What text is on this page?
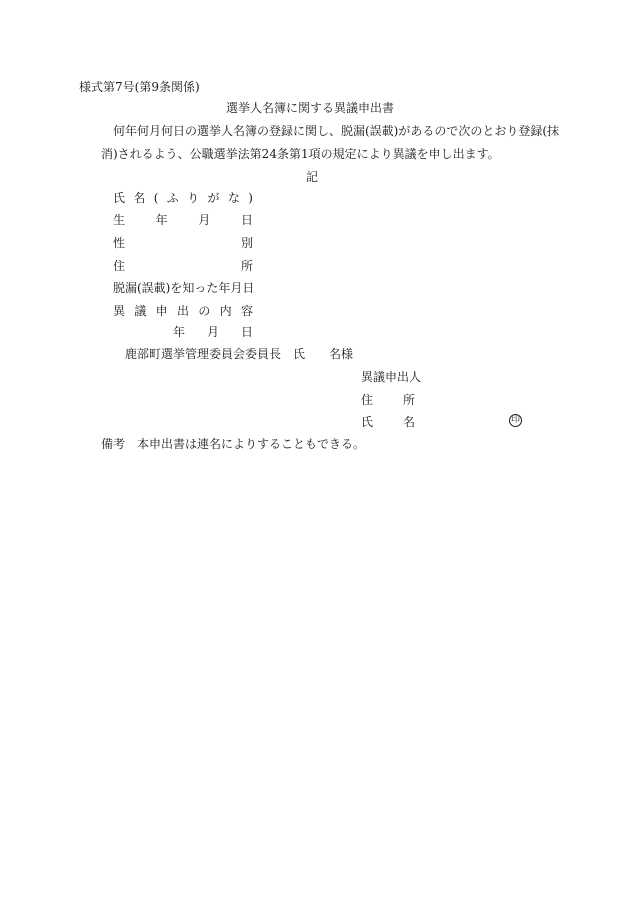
様式第7号(第9条関係)
選挙人名簿に関する異議申出書
何年何月何日の選挙人名簿の登録に関し、脱漏(誤載)があるので次のとおり登録(抹
消)されるよう、公職選挙法第24条第1項の規定により異議を申し出ます。
記
氏 名 ( ふ り が な )
生	年	月	日
性	別
住	所
脱漏(誤載)を知った年月日
異 議 申 出 の 内 容
年 月 日
鹿部町選挙管理委員会委員長　氏　　名様
異議申出人
住 所
氏 名	印
備考　本申出書は連名によりすることもできる。
